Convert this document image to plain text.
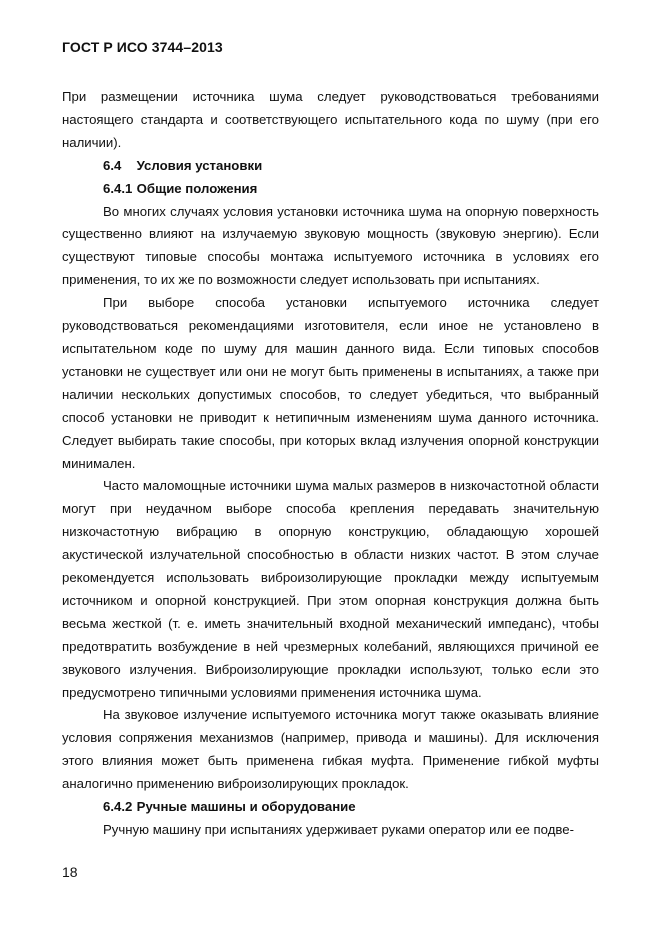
ГОСТ Р ИСО 3744–2013

При размещении источника шума следует руководствоваться требованиями настоящего стандарта и соответствующего испытательного кода по шуму (при его наличии).

6.4 Условия установки
6.4.1 Общие положения

Во многих случаях условия установки источника шума на опорную поверхность существенно влияют на излучаемую звуковую мощность (звуковую энергию). Если существуют типовые способы монтажа испытуемого источника в условиях его применения, то их же по возможности следует использовать при испытаниях.

При выборе способа установки испытуемого источника следует руководствоваться рекомендациями изготовителя, если иное не установлено в испытательном коде по шуму для машин данного вида. Если типовых способов установки не существует или они не могут быть применены в испытаниях, а также при наличии нескольких допустимых способов, то следует убедиться, что выбранный способ установки не приводит к нетипичным изменениям шума данного источника. Следует выбирать такие способы, при которых вклад излучения опорной конструкции минимален.

Часто маломощные источники шума малых размеров в низкочастотной области могут при неудачном выборе способа крепления передавать значительную низкочастотную вибрацию в опорную конструкцию, обладающую хорошей акустической излучательной способностью в области низких частот. В этом случае рекомендуется использовать виброизолирующие прокладки между испытуемым источником и опорной конструкцией. При этом опорная конструкция должна быть весьма жесткой (т. е. иметь значительный входной механический импеданс), чтобы предотвратить возбуждение в ней чрезмерных колебаний, являющихся причиной ее звукового излучения. Виброизолирующие прокладки используют, только если это предусмотрено типичными условиями применения источника шума.

На звуковое излучение испытуемого источника могут также оказывать влияние условия сопряжения механизмов (например, привода и машины). Для исключения этого влияния может быть применена гибкая муфта. Применение гибкой муфты аналогично применению виброизолирующих прокладок.

6.4.2 Ручные машины и оборудование

Ручную машину при испытаниях удерживает руками оператор или ее подве-

18
